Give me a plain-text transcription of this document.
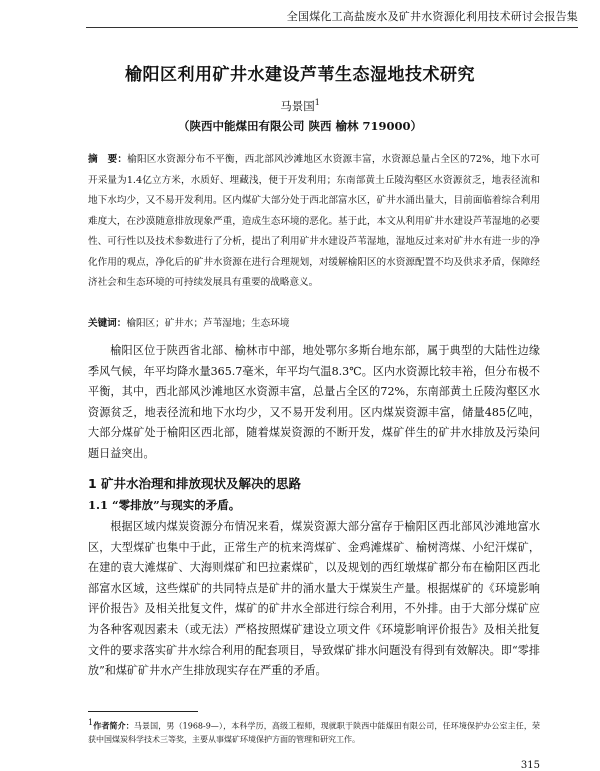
全国煤化工高盐废水及矿井水资源化利用技术研讨会报告集
榆阳区利用矿井水建设芦苇生态湿地技术研究
马景国$^1$
（陕西中能煤田有限公司 陕西 榆林 719000）
摘　要：榆阳区水资源分布不平衡，西北部风沙滩地区水资源丰富，水资源总量占全区的72%，地下水可开采量为1.4亿立方米，水质好、埋藏浅，便于开发利用；东南部黄土丘陵沟壑区水资源贫乏，地表径流和地下水均少，又不易开发利用。区内煤矿大部分处于西北部富水区，矿井水涌出量大，目前面临着综合利用难度大，在沙漠随意排放现象严重，造成生态环境的恶化。基于此，本文从利用矿井水建设芦苇湿地的必要性、可行性以及技术参数进行了分析，提出了利用矿井水建设芦苇湿地，湿地反过来对矿井水有进一步的净化作用的观点，净化后的矿井水资源在进行合理规划，对缓解榆阳区的水资源配置不均及供求矛盾，保障经济社会和生态环境的可持续发展具有重要的战略意义。
关键词：榆阳区；矿井水；芦苇湿地；生态环境

榆阳区位于陕西省北部、榆林市中部，地处鄂尔多斯台地东部，属于典型的大陆性边缘季风气候，年平均降水量365.7毫米，年平均气温8.3℃。区内水资源比较丰裕，但分布极不平衡，其中，西北部风沙滩地区水资源丰富，总量占全区的72%，东南部黄土丘陵沟壑区水资源贫乏，地表径流和地下水均少，又不易开发利用。区内煤炭资源丰富，储量485亿吨，大部分煤矿处于榆阳区西北部，随着煤炭资源的不断开发，煤矿伴生的矿井水排放及污染问题日益突出。

1 矿井水治理和排放现状及解决的思路
1.1 “零排放”与现实的矛盾。

根据区域内煤炭资源分布情况来看，煤炭资源大部分富存于榆阳区西北部风沙滩地富水区，大型煤矿也集中于此，正常生产的杭来湾煤矿、金鸡滩煤矿、榆树湾煤、小纪汗煤矿，在建的袁大滩煤矿、大海则煤矿和巴拉素煤矿，以及规划的西红墩煤矿都分布在榆阳区西北部富水区域，这些煤矿的共同特点是矿井的涌水量大于煤炭生产量。根据煤矿的《环境影响评价报告》及相关批复文件，煤矿的矿井水全部进行综合利用，不外排。由于大部分煤矿应为各种客观因素未（或无法）严格按照煤矿建设立项文件《环境影响评价报告》及相关批复文件的要求落实矿井水综合利用的配套项目，导致煤矿排水问题没有得到有效解决。即“零排放”和煤矿矿井水产生排放现实存在严重的矛盾。

1作者简介：马景国，男（1968-9—），本科学历，高级工程师，现就职于陕西中能煤田有限公司，任环境保护办公室主任，荣获中国煤炭科学技术三等奖，主要从事煤矿环境保护方面的管理和研究工作。
315
